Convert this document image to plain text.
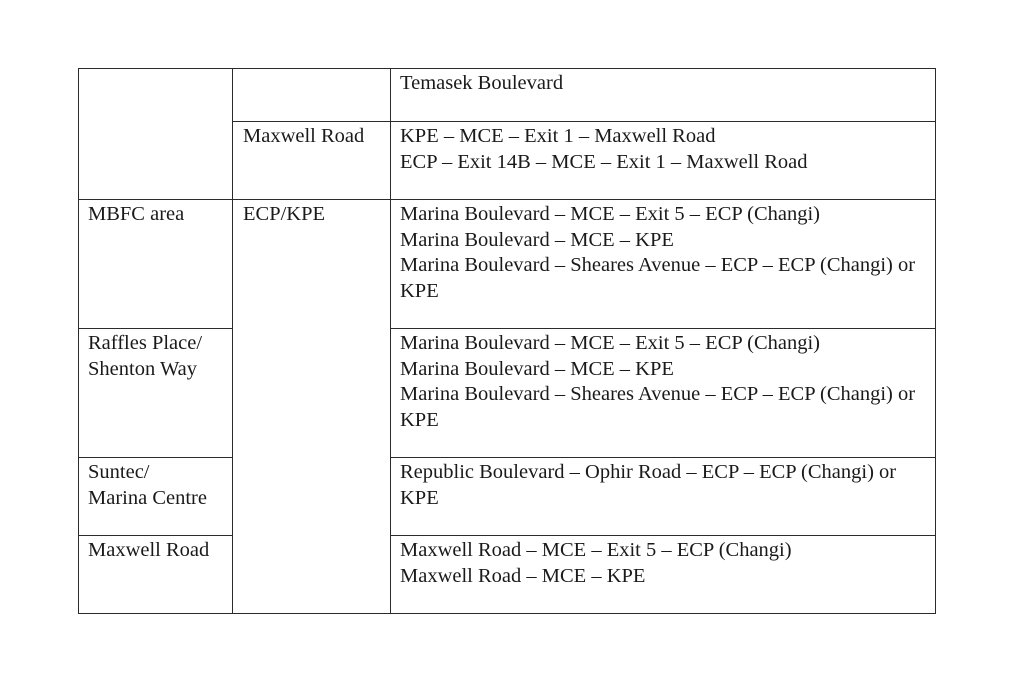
		Temasek Boulevard

	Maxwell Road	KPE – MCE – Exit 1 – Maxwell Road
ECP – Exit 14B – MCE – Exit 1 – Maxwell Road

MBFC area	ECP/KPE	Marina Boulevard – MCE – Exit 5 – ECP (Changi)
Marina Boulevard – MCE – KPE
Marina Boulevard – Sheares Avenue – ECP – ECP (Changi) or KPE

Raffles Place/
Shenton Way		Marina Boulevard – MCE – Exit 5 – ECP (Changi)
Marina Boulevard – MCE – KPE
Marina Boulevard – Sheares Avenue – ECP – ECP (Changi) or KPE

Suntec/
Marina Centre		Republic Boulevard – Ophir Road – ECP – ECP (Changi) or KPE

Maxwell Road		Maxwell Road – MCE – Exit 5 – ECP (Changi)
Maxwell Road – MCE – KPE
